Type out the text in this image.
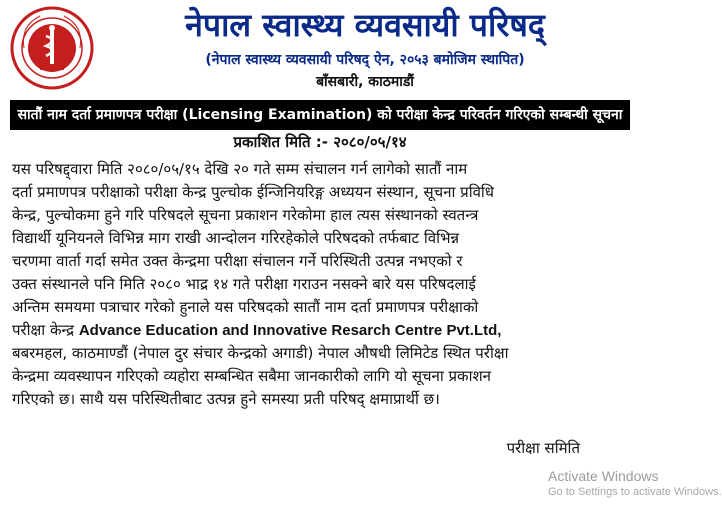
नेपाल स्वास्थ्य व्यवसायी परिषद्
(नेपाल स्वास्थ्य व्यवसायी परिषद् ऐन, २०५३ बमोजिम स्थापित)
बाँसबारी, काठमाडौं
सातौं नाम दर्ता प्रमाणपत्र परीक्षा (Licensing Examination) को परीक्षा केन्द्र परिवर्तन गरिएको सम्बन्धी सूचना
प्रकाशित मिति :- २०८०/०५/१४
यस परिषद्द्वारा मिति २०८०/०५/१५ देखि २० गते सम्म संचालन गर्न लागेको सातौं नाम
दर्ता प्रमाणपत्र परीक्षाको परीक्षा केन्द्र पुल्चोक ईन्जिनियरिङ्ग अध्ययन संस्थान, सूचना प्रविधि
केन्द्र, पुल्चोकमा हुने गरि परिषदले सूचना प्रकाशन गरेकोमा हाल त्यस संस्थानको स्वतन्त्र
विद्यार्थी यूनियनले विभिन्न माग राखी आन्दोलन गरिरहेकोले परिषदको तर्फबाट विभिन्न
चरणमा वार्ता गर्दा समेत उक्त केन्द्रमा परीक्षा संचालन गर्ने परिस्थिती उत्पन्न नभएको र
उक्त संस्थानले पनि मिति २०८० भाद्र १४ गते परीक्षा गराउन नसक्ने बारे यस परिषदलाई
अन्तिम समयमा पत्राचार गरेको हुनाले यस परिषदको सातौं नाम दर्ता प्रमाणपत्र परीक्षाको
परीक्षा केन्द्र Advance Education and Innovative Resarch Centre Pvt.Ltd,
बबरमहल, काठमाण्डौं (नेपाल दुर संचार केन्द्रको अगाडी) नेपाल औषधी लिमिटेड स्थित परीक्षा
केन्द्रमा व्यवस्थापन गरिएको व्यहोरा सम्बन्धित सबैमा जानकारीको लागि यो सूचना प्रकाशन
गरिएको छ। साथै यस परिस्थितीबाट उत्पन्न हुने समस्या प्रती परिषद् क्षमाप्रार्थी छ।
परीक्षा समिति
Activate Windows
Go to Settings to activate Windows.
